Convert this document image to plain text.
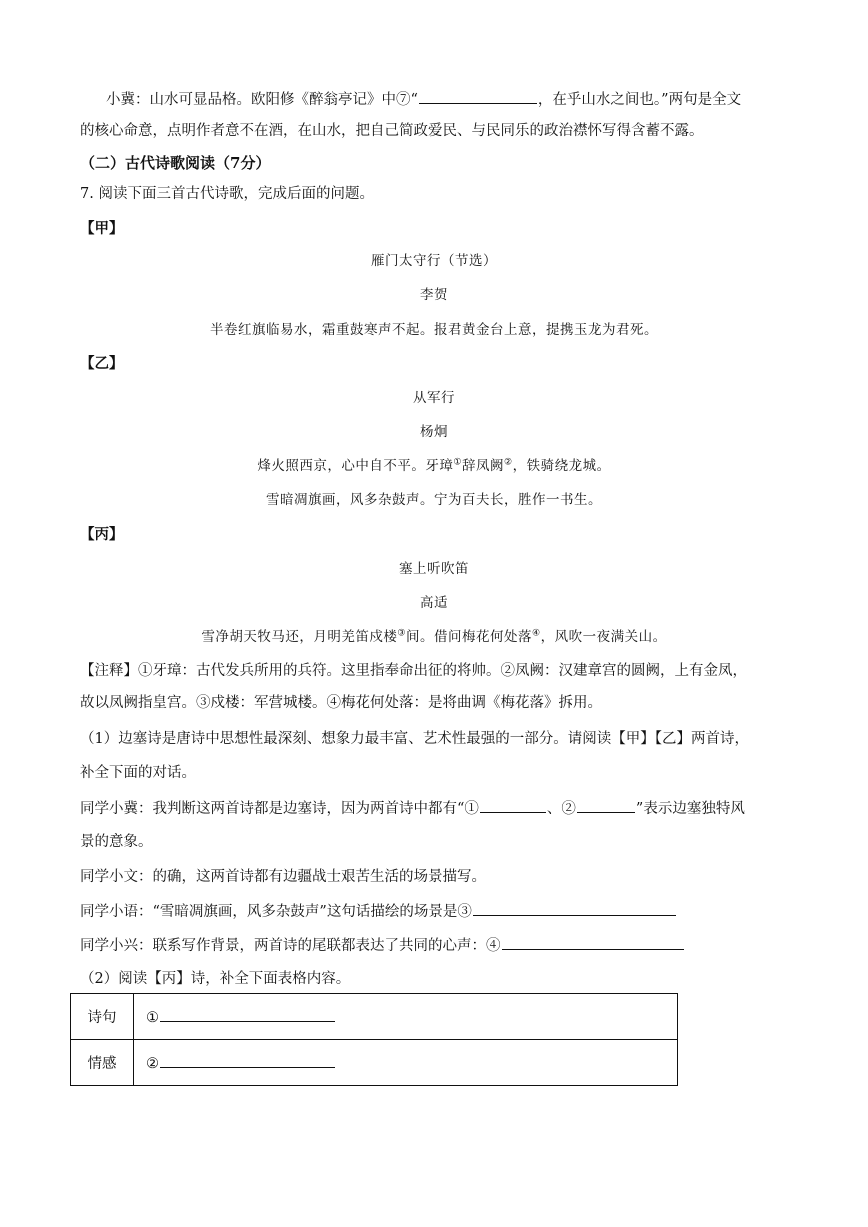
小冀：山水可显品格。欧阳修《醉翁亭记》中⑦“	，在乎山水之间也。”两句是全文
的核心命意，点明作者意不在酒，在山水，把自己简政爱民、与民同乐的政治襟怀写得含蓄不露。
（二）古代诗歌阅读（7分）
7. 阅读下面三首古代诗歌，完成后面的问题。
【甲】
雁门太守行（节选）
李贺
半卷红旗临易水，霜重鼓寒声不起。报君黄金台上意，提携玉龙为君死。
【乙】
从军行
杨炯
烽火照西京，心中自不平。牙璋①辞凤阙②，铁骑绕龙城。
雪暗凋旗画，风多杂鼓声。宁为百夫长，胜作一书生。
【丙】
塞上听吹笛
高适
雪净胡天牧马还，月明羌笛戍楼③间。借问梅花何处落④，风吹一夜满关山。
【注释】①牙璋：古代发兵所用的兵符。这里指奉命出征的将帅。②凤阙：汉建章宫的圆阙，上有金凤，
故以凤阙指皇宫。③戍楼：军营城楼。④梅花何处落：是将曲调《梅花落》拆用。
（1）边塞诗是唐诗中思想性最深刻、想象力最丰富、艺术性最强的一部分。请阅读【甲】【乙】两首诗，
补全下面的对话。
同学小冀：我判断这两首诗都是边塞诗，因为两首诗中都有“①	、②	”表示边塞独特风
景的意象。
同学小文：的确，这两首诗都有边疆战士艰苦生活的场景描写。
同学小语：“雪暗凋旗画，风多杂鼓声”这句话描绘的场景是③
同学小兴：联系写作背景，两首诗的尾联都表达了共同的心声：④
（2）阅读【丙】诗，补全下面表格内容。
诗句	①
情感	②
